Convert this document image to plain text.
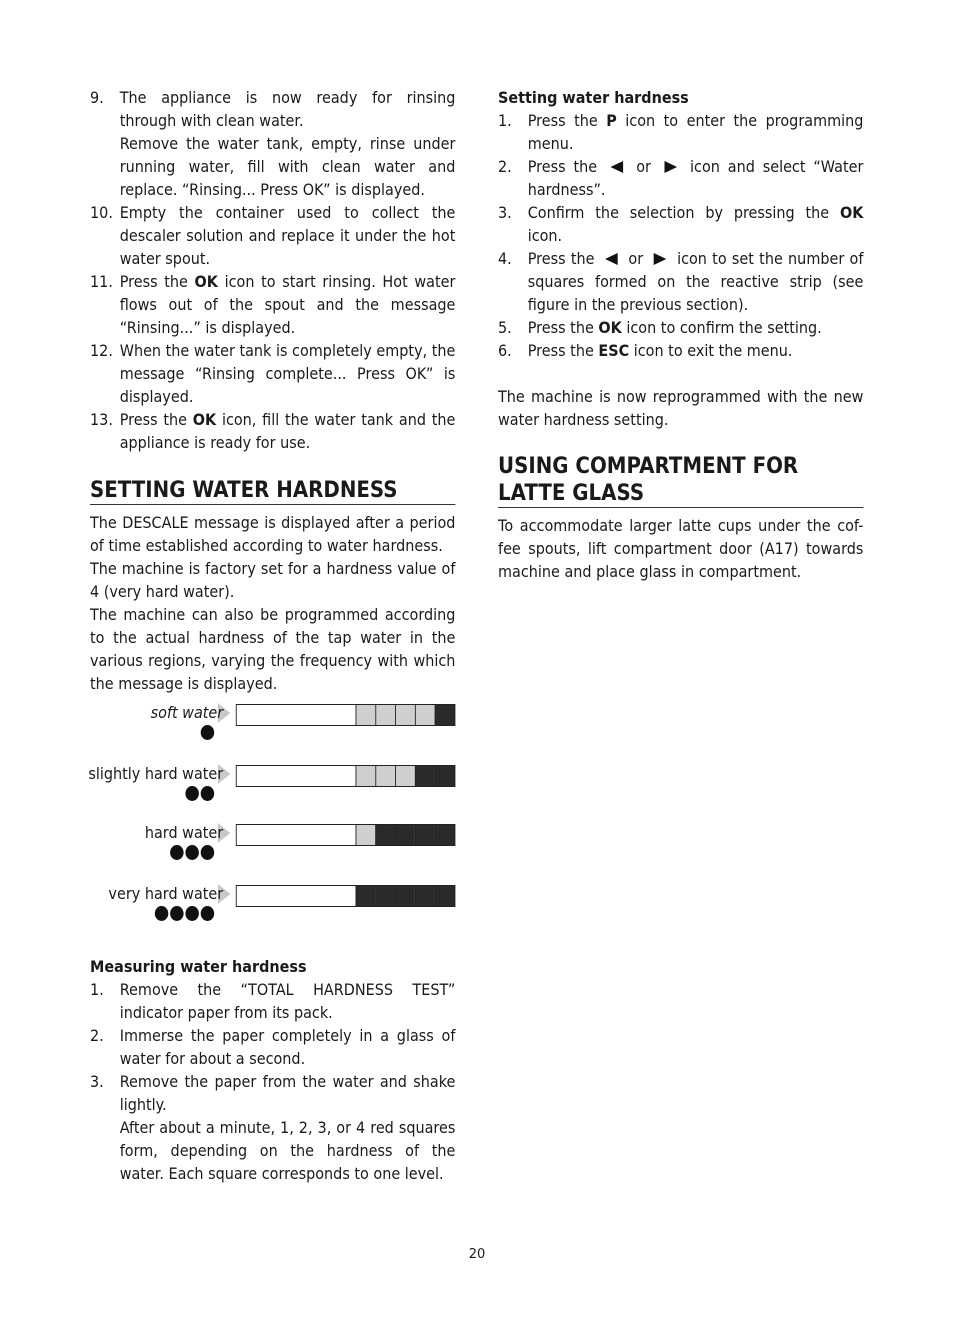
9. The appliance is now ready for rinsing through with clean water.

Remove the water tank, empty, rinse under running water, fill with clean water and replace. “Rinsing... Press OK” is displayed.

10. Empty the container used to collect the descaler solution and replace it under the hot water spout.

11. Press the OK icon to start rinsing. Hot water flows out of the spout and the message “Rinsing...” is displayed.

12. When the water tank is completely empty, the message “Rinsing complete... Press OK” is displayed.

13. Press the OK icon, fill the water tank and the appliance is ready for use.

SETTING WATER HARDNESS

The DESCALE message is displayed after a period of time established according to water hardness.

The machine is factory set for a hardness value of 4 (very hard water).

The machine can also be programmed according to the actual hardness of the tap water in the various regions, varying the frequency with which the message is displayed.

soft water
slightly hard water
hard water
very hard water
Measuring water hardness
1. Remove the “TOTAL HARDNESS TEST” indicator paper from its pack.

2. Immerse the paper completely in a glass of water for about a second.

3. Remove the paper from the water and shake lightly.

After about a minute, 1, 2, 3, or 4 red squares form, depending on the hardness of the water. Each square corresponds to one level.

Setting water hardness
1. Press the P icon to enter the programming menu.

2. Press the  or  icon and select “Water hardness”.

3. Confirm the selection by pressing the OK icon.

4. Press the  or  icon to set the number of squares formed on the reactive strip (see figure in the previous section).

5. Press the OK icon to confirm the setting.

6. Press the ESC icon to exit the menu.

The machine is now reprogrammed with the new water hardness setting.

USING COMPARTMENT FOR LATTE GLASS

To accommodate larger latte cups under the cof-fee spouts, lift compartment door (A17) towards machine and place glass in compartment.

20
